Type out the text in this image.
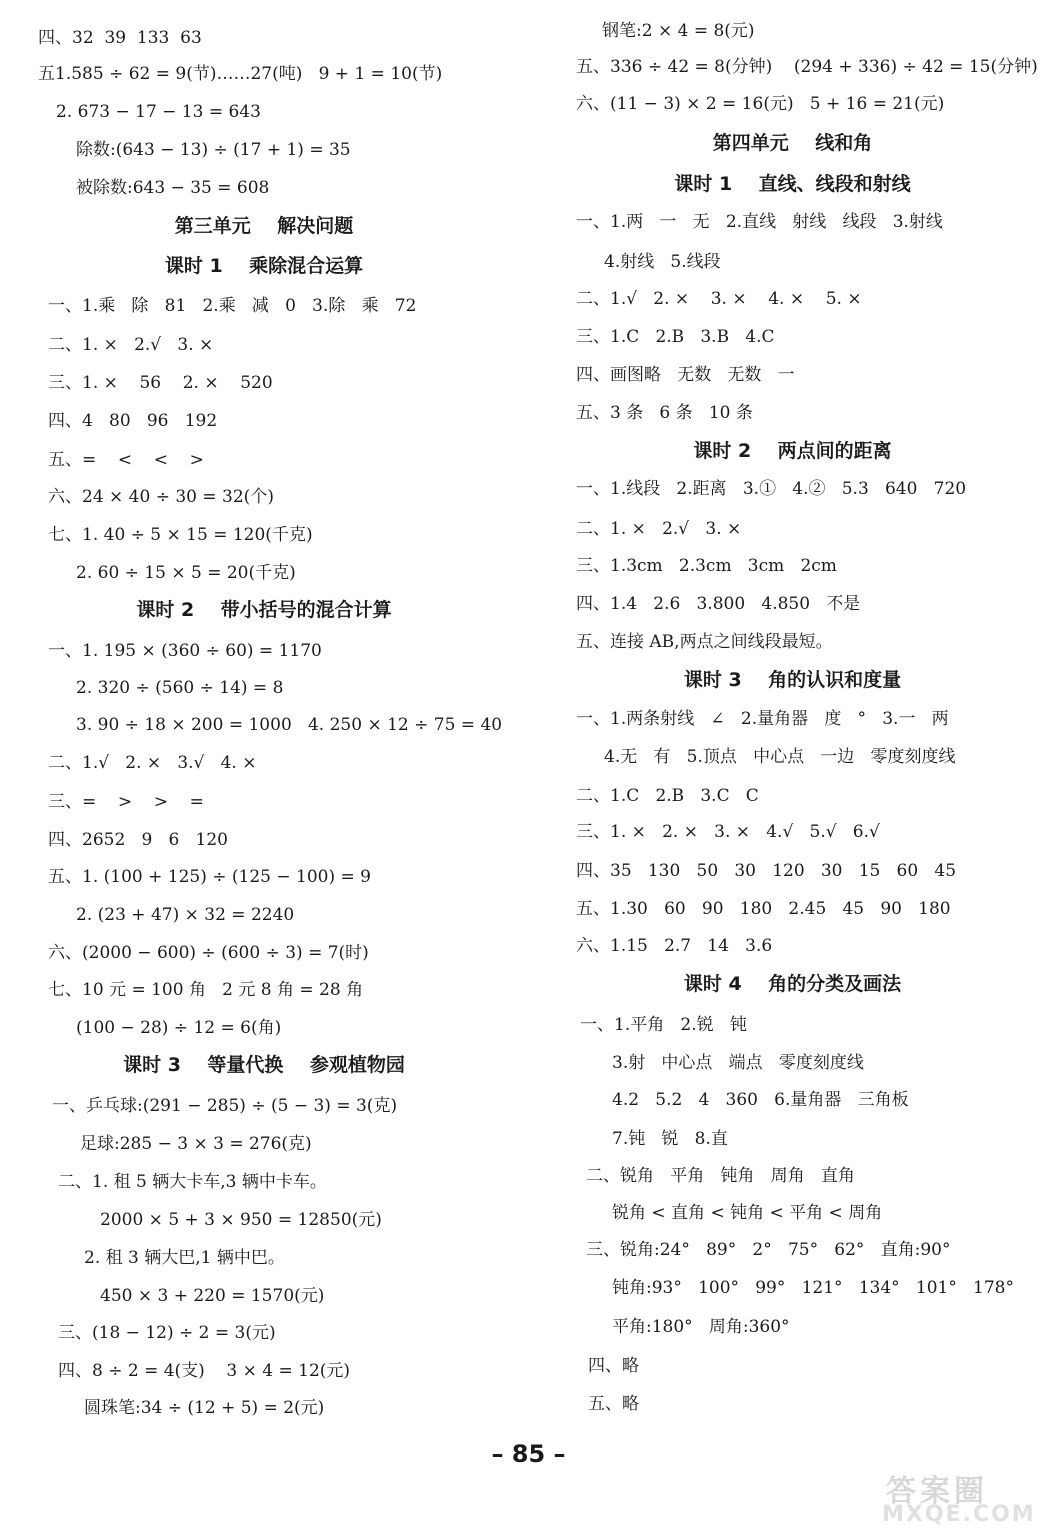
四、32  39  133  63
五1.585 ÷ 62 = 9(节)……27(吨)   9 + 1 = 10(节)
2. 673 − 17 − 13 = 643
除数:(643 − 13) ÷ (17 + 1) = 35
被除数:643 − 35 = 608
第三单元    解决问题
课时 1    乘除混合运算
一、1.乘   除   81   2.乘   减   0   3.除   乘   72
二、1. ×   2.√   3. ×
三、1. ×    56    2. ×    520
四、4   80   96   192
五、=    <    <    >
六、24 × 40 ÷ 30 = 32(个)
七、1. 40 ÷ 5 × 15 = 120(千克)
2. 60 ÷ 15 × 5 = 20(千克)
课时 2    带小括号的混合计算
一、1. 195 × (360 ÷ 60) = 1170
2. 320 ÷ (560 ÷ 14) = 8
3. 90 ÷ 18 × 200 = 1000   4. 250 × 12 ÷ 75 = 40
二、1.√   2. ×   3.√   4. ×
三、=    >    >    =
四、2652   9   6   120
五、1. (100 + 125) ÷ (125 − 100) = 9
2. (23 + 47) × 32 = 2240
六、(2000 − 600) ÷ (600 ÷ 3) = 7(时)
七、10 元 = 100 角   2 元 8 角 = 28 角
(100 − 28) ÷ 12 = 6(角)
课时 3    等量代换    参观植物园
一、乒乓球:(291 − 285) ÷ (5 − 3) = 3(克)
足球:285 − 3 × 3 = 276(克)
二、1. 租 5 辆大卡车,3 辆中卡车。
2000 × 5 + 3 × 950 = 12850(元)
2. 租 3 辆大巴,1 辆中巴。
450 × 3 + 220 = 1570(元)
三、(18 − 12) ÷ 2 = 3(元)
四、8 ÷ 2 = 4(支)    3 × 4 = 12(元)
圆珠笔:34 ÷ (12 + 5) = 2(元)
钢笔:2 × 4 = 8(元)
五、336 ÷ 42 = 8(分钟)    (294 + 336) ÷ 42 = 15(分钟)
六、(11 − 3) × 2 = 16(元)   5 + 16 = 21(元)
第四单元    线和角
课时 1    直线、线段和射线
一、1.两   一   无   2.直线   射线   线段   3.射线
4.射线   5.线段
二、1.√   2. ×    3. ×    4. ×    5. ×
三、1.C   2.B   3.B   4.C
四、画图略   无数   无数   一
五、3 条   6 条   10 条
课时 2    两点间的距离
一、1.线段   2.距离   3.①   4.②   5.3   640   720
二、1. ×   2.√   3. ×
三、1.3cm   2.3cm   3cm   2cm
四、1.4   2.6   3.800   4.850   不是
五、连接 AB,两点之间线段最短。
课时 3    角的认识和度量
一、1.两条射线   ∠   2.量角器   度   °   3.一   两
4.无   有   5.顶点   中心点   一边   零度刻度线
二、1.C   2.B   3.C   C
三、1. ×   2. ×   3. ×   4.√   5.√   6.√
四、35   130   50   30   120   30   15   60   45
五、1.30   60   90   180   2.45   45   90   180
六、1.15   2.7   14   3.6
课时 4    角的分类及画法
一、1.平角   2.锐   钝
3.射   中心点   端点   零度刻度线
4.2   5.2   4   360   6.量角器   三角板
7.钝   锐   8.直
二、锐角   平角   钝角   周角   直角
锐角 < 直角 < 钝角 < 平角 < 周角
三、锐角:24°   89°   2°   75°   62°   直角:90°
钝角:93°   100°   99°   121°   134°   101°   178°
平角:180°   周角:360°
四、略
五、略
– 85 –
答案圈
MXQE.COM
